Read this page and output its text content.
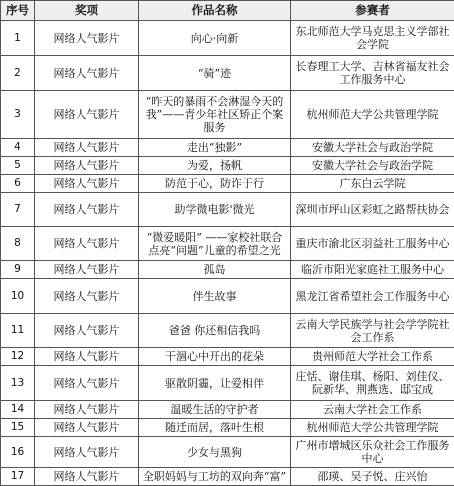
序号	奖项	作品名称	参赛者
1	网络人气影片	向心·向新	东北师范大学马克思主义学部社会学院
2	网络人气影片	“骑”迹	长春理工大学、吉林省福友社会工作服务中心
3	网络人气影片	“昨天的暴雨不会淋湿今天的我”——青少年社区矫正个案服务	杭州师范大学公共管理学院
4	网络人气影片	走出“独影”	安徽大学社会与政治学院
5	网络人气影片	为爱，扬帆	安徽大学社会与政治学院
6	网络人气影片	防范于心，防诈于行	广东白云学院
7	网络人气影片	助学微电影'微光	深圳市坪山区彩虹之路帮扶协会
8	网络人气影片	“微爱暖阳” ——家校社联合点亮“问题”儿童的希望之光	重庆市渝北区羽益社工服务中心
9	网络人气影片	孤岛	临沂市阳光家庭社工服务中心
10	网络人气影片	伴生故事	黑龙江省希望社会工作服务中心
11	网络人气影片	爸爸 你还相信我吗	云南大学民族学与社会学学院社会工作系
12	网络人气影片	干涸心中开出的花朵	贵州师范大学社会工作系
13	网络人气影片	驱散阴霾，让爱相伴	庄恬、谢佳琪、杨阳、刘佳仪、阮新华、荆燕选、邸宝成
14	网络人气影片	温暖生活的守护者	云南大学社会工作系
15	网络人气影片	随迁而居，落叶生根	杭州师范大学公共管理学院
16	网络人气影片	少女与黑狗	广州市增城区乐众社会工作服务中心
17	网络人气影片	全职妈妈与工坊的双向奔“富”	邵瑛、吴子悦、庄兴怡
